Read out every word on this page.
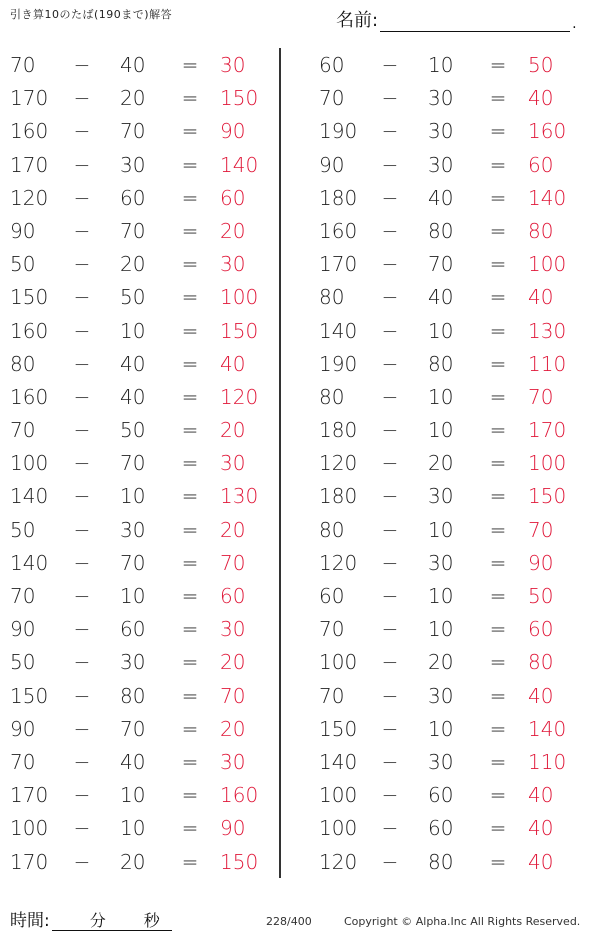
引き算10のたば(190まで)解答	名前:	.
70	− 40	= 30
170	− 20	= 150
160	− 70	= 90
170	− 30	= 140
120	− 60	= 60
90	− 70	= 20
50	− 20	= 30
150	− 50	= 100
160	− 10	= 150
80	− 40	= 40
160	− 40	= 120
70	− 50	= 20
100	− 70	= 30
140	− 10	= 130
50	− 30	= 20
140	− 70	= 70
70	− 10	= 60
90	− 60	= 30
50	− 30	= 20
150	− 80	= 70
90	− 70	= 20
70	− 40	= 30
170	− 10	= 160
100	− 10	= 90
170	− 20	= 150
60	− 10	= 50
70	− 30	= 40
190	− 30	= 160
90	− 30	= 60
180	− 40	= 140
160	− 80	= 80
170	− 70	= 100
80	− 40	= 40
140	− 10	= 130
190	− 80	= 110
80	− 10	= 70
180	− 10	= 170
120	− 20	= 100
180	− 30	= 150
80	− 10	= 70
120	− 30	= 90
60	− 10	= 50
70	− 10	= 60
100	− 20	= 80
70	− 30	= 40
150	− 10	= 140
140	− 30	= 110
100	− 60	= 40
100	− 60	= 40
120	− 80	= 40
時間:	分 秒	228/400	Copyright © Alpha.Inc All Rights Reserved.
